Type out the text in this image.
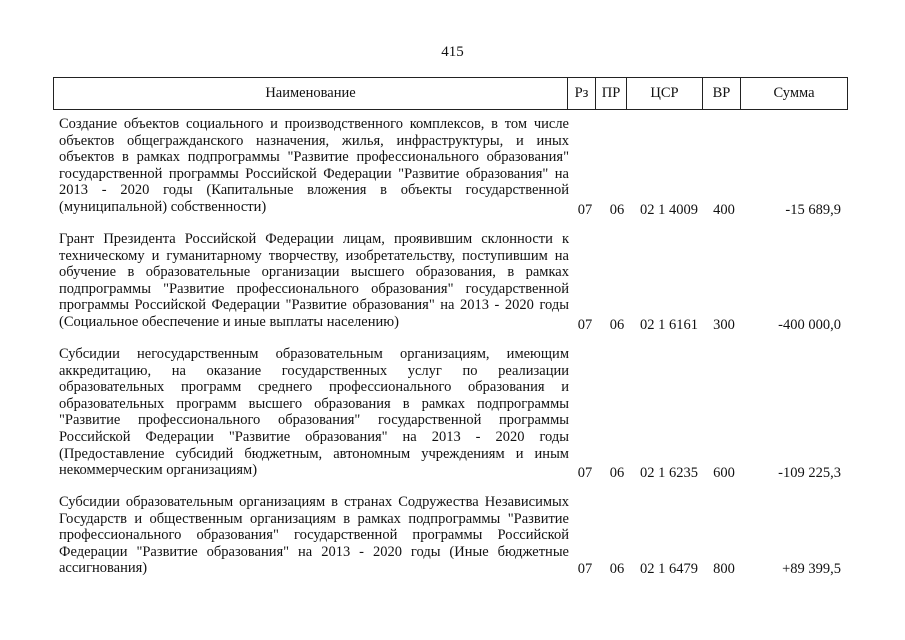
415
Наименование	Рз	ПР	ЦСР	ВР	Сумма
Создание объектов социального и производственного комплексов, в том числе объектов общегражданского назначения, жилья, инфраструктуры, и иных объектов в рамках подпрограммы "Развитие профессионального образования" государственной программы Российской Федерации "Развитие образования" на 2013 - 2020 годы (Капитальные вложения в объекты государственной (муниципальной) собственности)	07	06	02 1 4009	400	-15 689,9
Грант Президента Российской Федерации лицам, проявившим склонности к техническому и гуманитарному творчеству, изобретательству, поступившим на обучение в образовательные организации высшего образования, в рамках подпрограммы "Развитие профессионального образования" государственной программы Российской Федерации "Развитие образования" на 2013 - 2020 годы (Социальное обеспечение и иные выплаты населению)	07	06	02 1 6161	300	-400 000,0
Субсидии негосударственным образовательным организациям, имеющим аккредитацию, на оказание государственных услуг по реализации образовательных программ среднего профессионального образования и образовательных программ высшего образования в рамках подпрограммы "Развитие профессионального образования" государственной программы Российской Федерации "Развитие образования" на 2013 - 2020 годы (Предоставление субсидий бюджетным, автономным учреждениям и иным некоммерческим организациям)	07	06	02 1 6235	600	-109 225,3
Субсидии образовательным организациям в странах Содружества Независимых Государств и общественным организациям в рамках подпрограммы "Развитие профессионального образования" государственной программы Российской Федерации "Развитие образования" на 2013 - 2020 годы (Иные бюджетные ассигнования)	07	06	02 1 6479	800	+89 399,5
